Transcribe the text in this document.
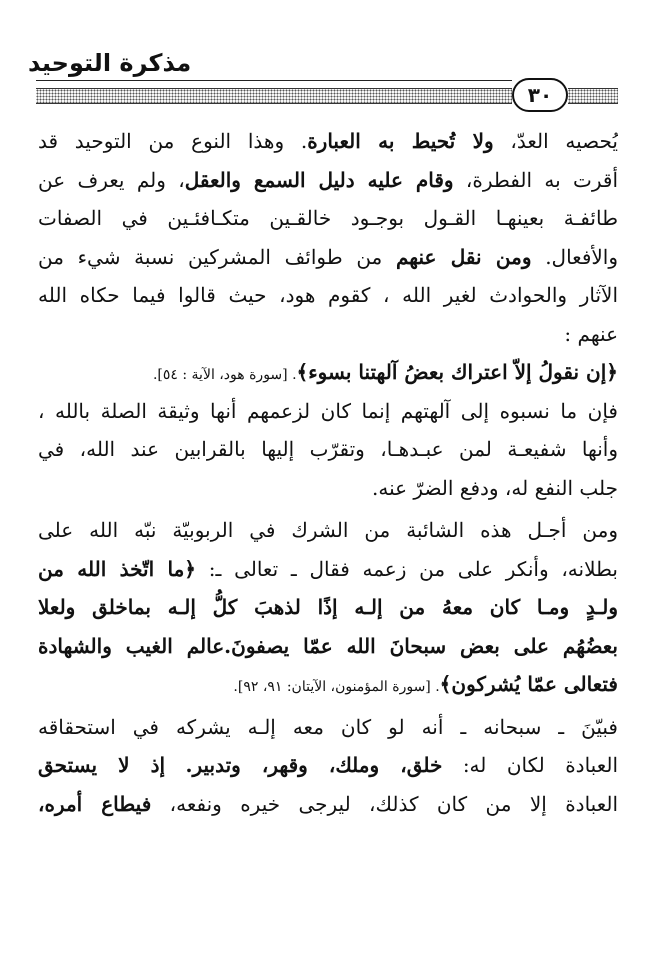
مذكرة التوحيد
٣٠
يُحصيه العدّ، ولا تُحيط به العبارة. وهذا النوع من التوحيد قد
أقرت به الفطرة، وقام عليه دليل السمع والعقل، ولم يعرف عن
طائفـة بعينهـا القـول بوجـود خالقـين متكـافئـين في الصفات
والأفعال. ومن نقل عنهم من طوائف المشركين نسبة شيء من
الآثار والحوادث لغير الله ، كقوم هود، حيث قالوا فيما حكاه الله
عنهم :
﴿إن نقولُ إلاّ اعتراك بعضُ آلهتنا بسوء﴾. [سورة هود، الآية : ٥٤].
فإن ما نسبوه إلى آلهتهم إنما كان لزعمهم أنها وثيقة الصلة بالله ،
وأنها شفيعـة لمن عبـدهـا، وتقرّب إليها بالقرابين عند الله، في
جلب النفع له، ودفع الضرّ عنه.
ومن أجـل هذه الشائبة من الشرك في الربوبيّة نبّه الله على
بطلانه، وأنكر على من زعمه فقال ـ تعالى ـ: ﴿ما اتّخذ الله من
ولـدٍ ومـا كان معهُ من إلـه إذًا لذهبَ كلُّ إلـه بماخلق ولعلا
بعضُهُم على بعض سبحانَ الله عمّا يصفونَ.عالم الغيب والشهادة
فتعالى عمّا يُشركون﴾. [سورة المؤمنون، الآيتان: ٩١، ٩٢].
فبيّنَ ـ سبحانه ـ أنه لو كان معه إلـه يشركه في استحقاقه
العبادة لكان له: خلق، وملك، وقهر، وتدبير. إذ لا يستحق
العبادة إلا من كان كذلك، ليرجى خيره ونفعه، فيطاع أمره،
